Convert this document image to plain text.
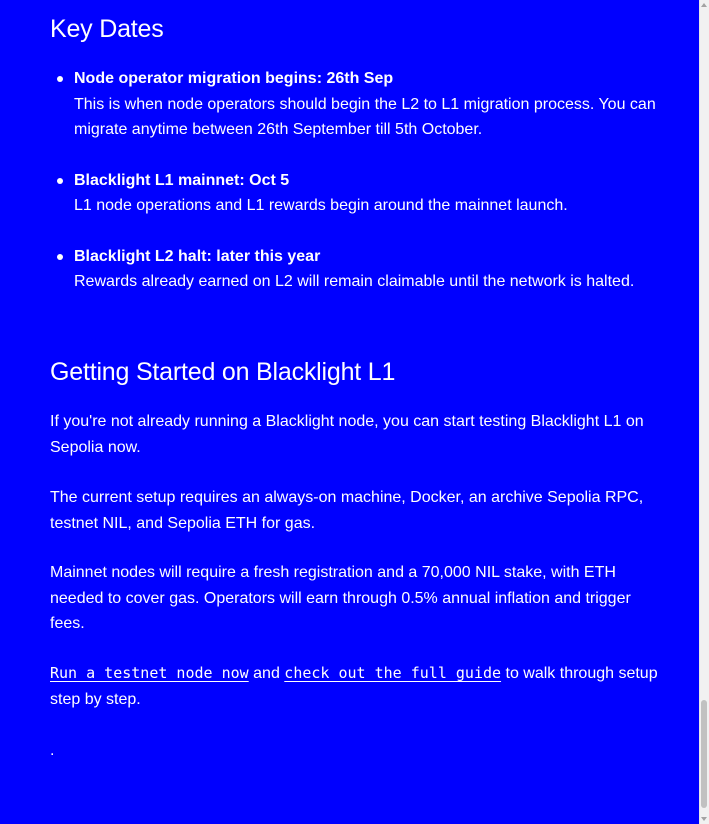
Key Dates
Node operator migration begins: 26th Sep
This is when node operators should begin the L2 to L1 migration process. You can migrate anytime between 26th September till 5th October.
Blacklight L1 mainnet: Oct 5
L1 node operations and L1 rewards begin around the mainnet launch.
Blacklight L2 halt: later this year
Rewards already earned on L2 will remain claimable until the network is halted.
Getting Started on Blacklight L1

If you're not already running a Blacklight node, you can start testing Blacklight L1 on Sepolia now.

The current setup requires an always-on machine, Docker, an archive Sepolia RPC, testnet NIL, and Sepolia ETH for gas.

Mainnet nodes will require a fresh registration and a 70,000 NIL stake, with ETH needed to cover gas. Operators will earn through 0.5% annual inflation and trigger fees.

Run a testnet node now and check out the full guide to walk through setup step by step.

.
